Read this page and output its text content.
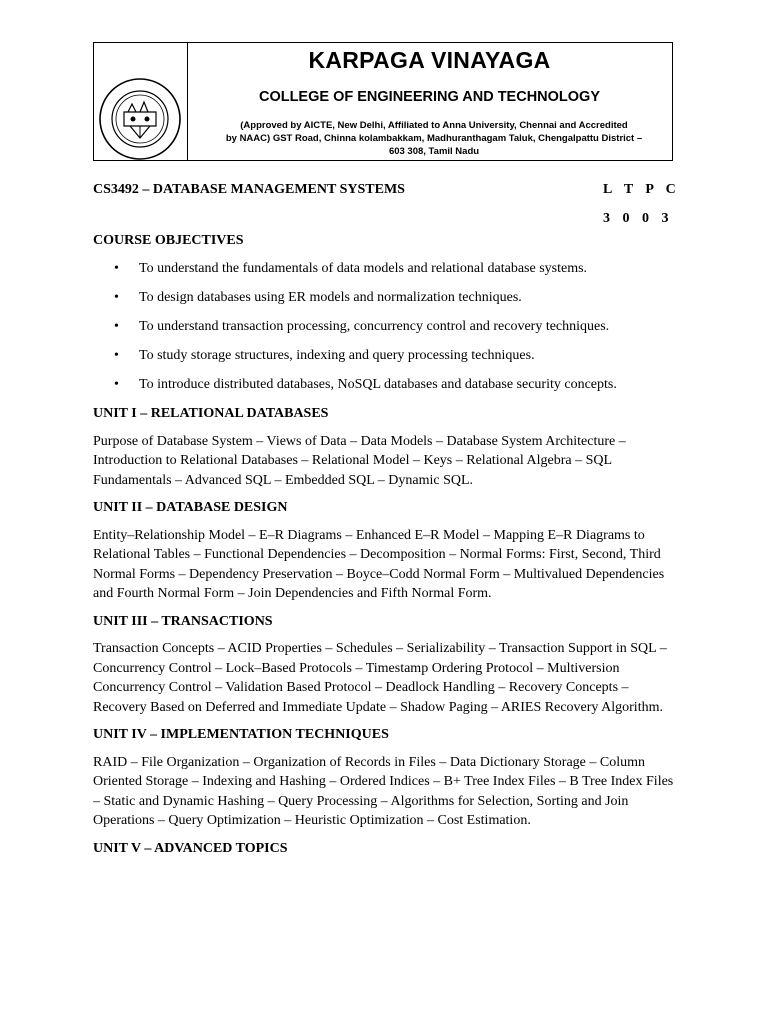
KARPAGA VINAYAGA
COLLEGE OF ENGINEERING AND TECHNOLOGY
(Approved by AICTE, New Delhi, Affiliated to Anna University, Chennai and Accredited
by NAAC) GST Road, Chinna kolambakkam, Madhuranthagam Taluk, Chengalpattu District –
603 308, Tamil Nadu
CS3492 – DATABASE MANAGEMENT SYSTEMS	L T P C
3 0 0 3
COURSE OBJECTIVES
• To understand the fundamentals of data models and relational database systems.
• To design databases using ER models and normalization techniques.
• To understand transaction processing, concurrency control and recovery techniques.
• To study storage structures, indexing and query processing techniques.
• To introduce distributed databases, NoSQL databases and database security concepts.
UNIT I – RELATIONAL DATABASES

Purpose of Database System – Views of Data – Data Models – Database System Architecture – Introduction to Relational Databases – Relational Model – Keys – Relational Algebra – SQL Fundamentals – Advanced SQL – Embedded SQL – Dynamic SQL.

UNIT II – DATABASE DESIGN

Entity–Relationship Model – E–R Diagrams – Enhanced E–R Model – Mapping E–R Diagrams to Relational Tables – Functional Dependencies – Decomposition – Normal Forms: First, Second, Third Normal Forms – Dependency Preservation – Boyce–Codd Normal Form – Multivalued Dependencies and Fourth Normal Form – Join Dependencies and Fifth Normal Form.

UNIT III – TRANSACTIONS

Transaction Concepts – ACID Properties – Schedules – Serializability – Transaction Support in SQL – Concurrency Control – Lock–Based Protocols – Timestamp Ordering Protocol – Multiversion Concurrency Control – Validation Based Protocol – Deadlock Handling – Recovery Concepts – Recovery Based on Deferred and Immediate Update – Shadow Paging – ARIES Recovery Algorithm.

UNIT IV – IMPLEMENTATION TECHNIQUES

RAID – File Organization – Organization of Records in Files – Data Dictionary Storage – Column Oriented Storage – Indexing and Hashing – Ordered Indices – B+ Tree Index Files – B Tree Index Files – Static and Dynamic Hashing – Query Processing – Algorithms for Selection, Sorting and Join Operations – Query Optimization – Heuristic Optimization – Cost Estimation.

UNIT V – ADVANCED TOPICS
